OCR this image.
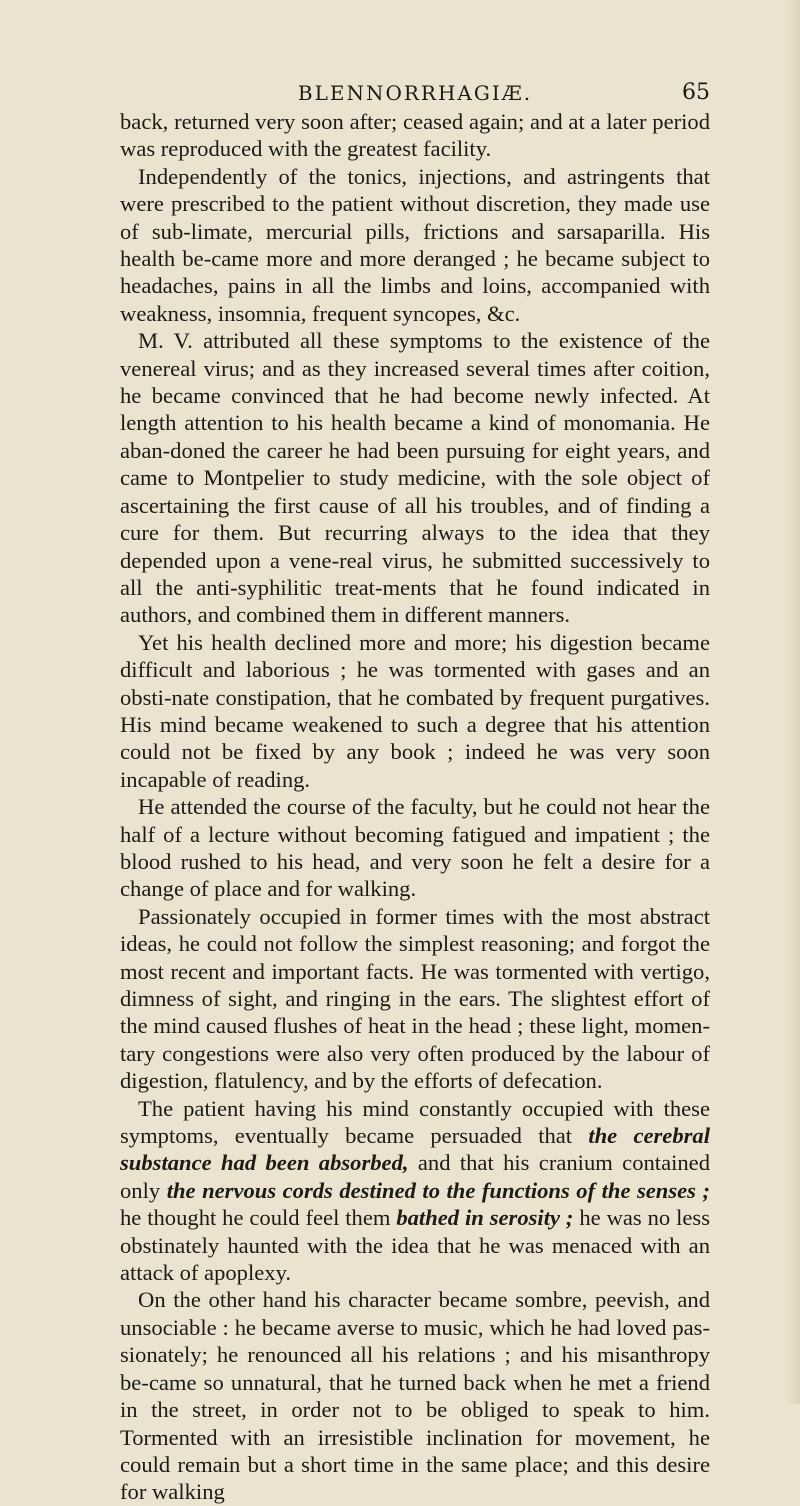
BLENNORRHAGIÆ.	65

back, returned very soon after; ceased again; and at a later period was reproduced with the greatest facility.

Independently of the tonics, injections, and astringents that were prescribed to the patient without discretion, they made use of sub-limate, mercurial pills, frictions and sarsaparilla. His health be-came more and more deranged ; he became subject to headaches, pains in all the limbs and loins, accompanied with weakness, insomnia, frequent syncopes, &c.

M. V. attributed all these symptoms to the existence of the venereal virus; and as they increased several times after coition, he became convinced that he had become newly infected. At length attention to his health became a kind of monomania. He aban-doned the career he had been pursuing for eight years, and came to Montpelier to study medicine, with the sole object of ascertaining the first cause of all his troubles, and of finding a cure for them. But recurring always to the idea that they depended upon a vene-real virus, he submitted successively to all the anti-syphilitic treat-ments that he found indicated in authors, and combined them in different manners.

Yet his health declined more and more; his digestion became difficult and laborious ; he was tormented with gases and an obsti-nate constipation, that he combated by frequent purgatives. His mind became weakened to such a degree that his attention could not be fixed by any book ; indeed he was very soon incapable of reading.

He attended the course of the faculty, but he could not hear the half of a lecture without becoming fatigued and impatient ; the blood rushed to his head, and very soon he felt a desire for a change of place and for walking.

Passionately occupied in former times with the most abstract ideas, he could not follow the simplest reasoning; and forgot the most recent and important facts. He was tormented with vertigo, dimness of sight, and ringing in the ears. The slightest effort of the mind caused flushes of heat in the head ; these light, momen-tary congestions were also very often produced by the labour of digestion, flatulency, and by the efforts of defecation.

The patient having his mind constantly occupied with these symptoms, eventually became persuaded that the cerebral substance had been absorbed, and that his cranium contained only the nervous cords destined to the functions of the senses ; he thought he could feel them bathed in serosity ; he was no less obstinately haunted with the idea that he was menaced with an attack of apoplexy.

On the other hand his character became sombre, peevish, and unsociable : he became averse to music, which he had loved pas-sionately; he renounced all his relations ; and his misanthropy be-came so unnatural, that he turned back when he met a friend in the street, in order not to be obliged to speak to him. Tormented with an irresistible inclination for movement, he could remain but a short time in the same place; and this desire for walking
